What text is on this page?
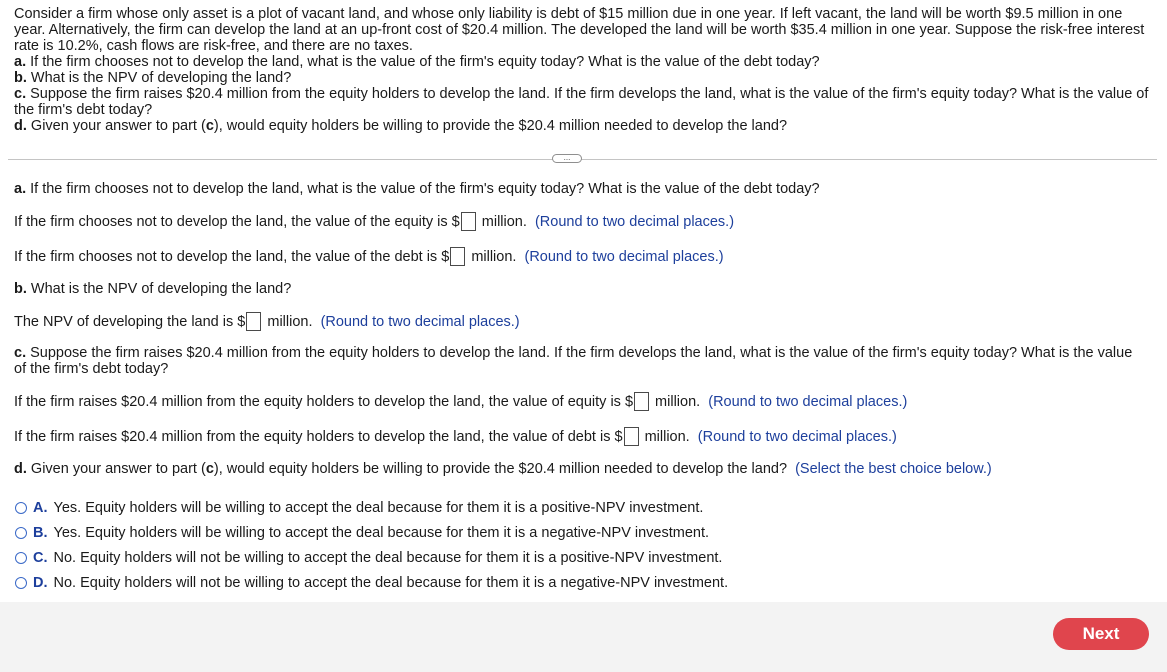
Consider a firm whose only asset is a plot of vacant land, and whose only liability is debt of $15 million due in one year. If left vacant, the land will be worth $9.5 million in one year. Alternatively, the firm can develop the land at an up-front cost of $20.4 million. The developed the land will be worth $35.4 million in one year. Suppose the risk-free interest rate is 10.2%, cash flows are risk-free, and there are no taxes.

a. If the firm chooses not to develop the land, what is the value of the firm's equity today? What is the value of the debt today?

b. What is the NPV of developing the land?

c. Suppose the firm raises $20.4 million from the equity holders to develop the land. If the firm develops the land, what is the value of the firm's equity today? What is the value of the firm's debt today?

d. Given your answer to part (c), would equity holders be willing to provide the $20.4 million needed to develop the land?

...
a. If the firm chooses not to develop the land, what is the value of the firm's equity today? What is the value of the debt today?
If the firm chooses not to develop the land, the value of the equity is $ million. (Round to two decimal places.)
If the firm chooses not to develop the land, the value of the debt is $ million. (Round to two decimal places.)
b. What is the NPV of developing the land?
The NPV of developing the land is $ million. (Round to two decimal places.)
c. Suppose the firm raises $20.4 million from the equity holders to develop the land. If the firm develops the land, what is the value of the firm's equity today? What is the value of the firm's debt today?
If the firm raises $20.4 million from the equity holders to develop the land, the value of equity is $ million. (Round to two decimal places.)
If the firm raises $20.4 million from the equity holders to develop the land, the value of debt is $ million. (Round to two decimal places.)
d. Given your answer to part (c), would equity holders be willing to provide the $20.4 million needed to develop the land? (Select the best choice below.)
A. Yes. Equity holders will be willing to accept the deal because for them it is a positive-NPV investment.
B. Yes. Equity holders will be willing to accept the deal because for them it is a negative-NPV investment.
C. No. Equity holders will not be willing to accept the deal because for them it is a positive-NPV investment.
D. No. Equity holders will not be willing to accept the deal because for them it is a negative-NPV investment.
Next
